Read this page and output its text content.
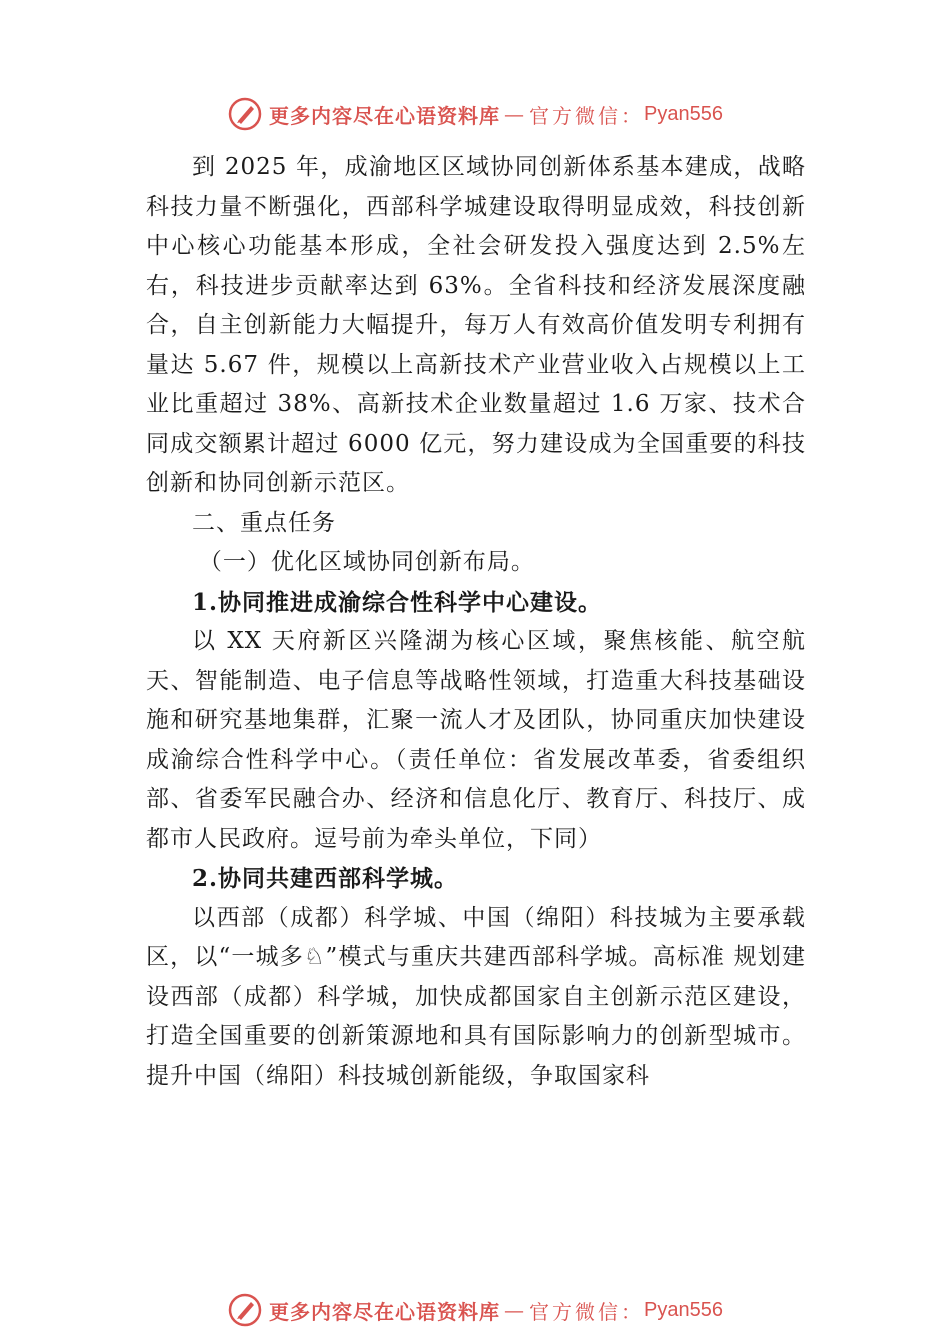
更多内容尽在心语资料库 — 官方微信： Pyan556

到 2025 年，成渝地区区域协同创新体系基本建成，战略科技力量不断强化，西部科学城建设取得明显成效，科技创新中心核心功能基本形成，全社会研发投入强度达到 2.5%左右，科技进步贡献率达到 63%。全省科技和经济发展深度融合，自主创新能力大幅提升，每万人有效高价值发明专利拥有量达 5.67 件，规模以上高新技术产业营业收入占规模以上工业比重超过 38%、高新技术企业数量超过 1.6 万家、技术合同成交额累计超过 6000 亿元，努力建设成为全国重要的科技创新和协同创新示范区。

二、重点任务

（一）优化区域协同创新布局。

1.协同推进成渝综合性科学中心建设。

以 XX 天府新区兴隆湖为核心区域，聚焦核能、航空航天、智能制造、电子信息等战略性领域，打造重大科技基础设施和研究基地集群，汇聚一流人才及团队，协同重庆加快建设成渝综合性科学中心。（责任单位：省发展改革委，省委组织部、省委军民融合办、经济和信息化厅、教育厅、科技厅、成都市人民政府。逗号前为牵头单位，下同）

2.协同共建西部科学城。

以西部（成都）科学城、中国（绵阳）科技城为主要承载区，以“一城多♘”模式与重庆共建西部科学城。高标准 规划建设西部（成都）科学城，加快成都国家自主创新示范区建设，打造全国重要的创新策源地和具有国际影响力的创新型城市。提升中国（绵阳）科技城创新能级，争取国家科

更多内容尽在心语资料库 — 官方微信： Pyan556
